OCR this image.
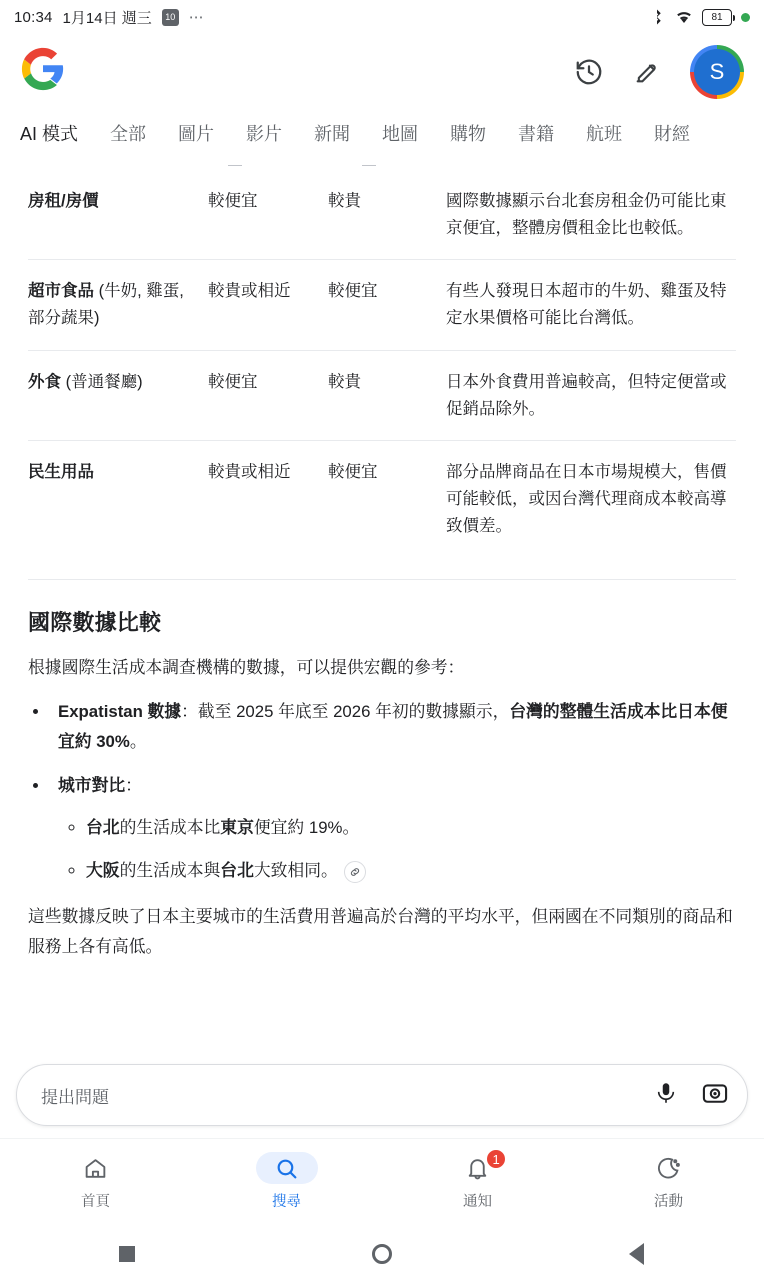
10:34 1月14日 週三	10 ⋯	81
S
AI 模式 全部 圖片 影片 新聞 地圖 購物 書籍 航班 財經
—	—
房租/房價	較便宜	較貴	國際數據顯示台北套房租金仍可能比東京便宜，整體房價租金比也較低。
超市食品 (牛奶, 雞蛋, 部分蔬果)	較貴或相近	較便宜	有些人發現日本超市的牛奶、雞蛋及特定水果價格可能比台灣低。
外食 (普通餐廳)	較便宜	較貴	日本外食費用普遍較高，但特定便當或促銷品除外。
民生用品	較貴或相近	較便宜	部分品牌商品在日本市場規模大，售價可能較低，或因台灣代理商成本較高導致價差。
國際數據比較

根據國際生活成本調查機構的數據，可以提供宏觀的參考：

• Expatistan 數據：截至 2025 年底至 2026 年初的數據顯示，台灣的整體生活成本比日本便宜約 30%。
• 城市對比：
◦ 台北的生活成本比東京便宜約 19%。
◦ 大阪的生活成本與台北大致相同。

這些數據反映了日本主要城市的生活費用普遍高於台灣的平均水平，但兩國在不同類別的商品和服務上各有高低。

提出問題
首頁	搜尋
1
通知	活動
